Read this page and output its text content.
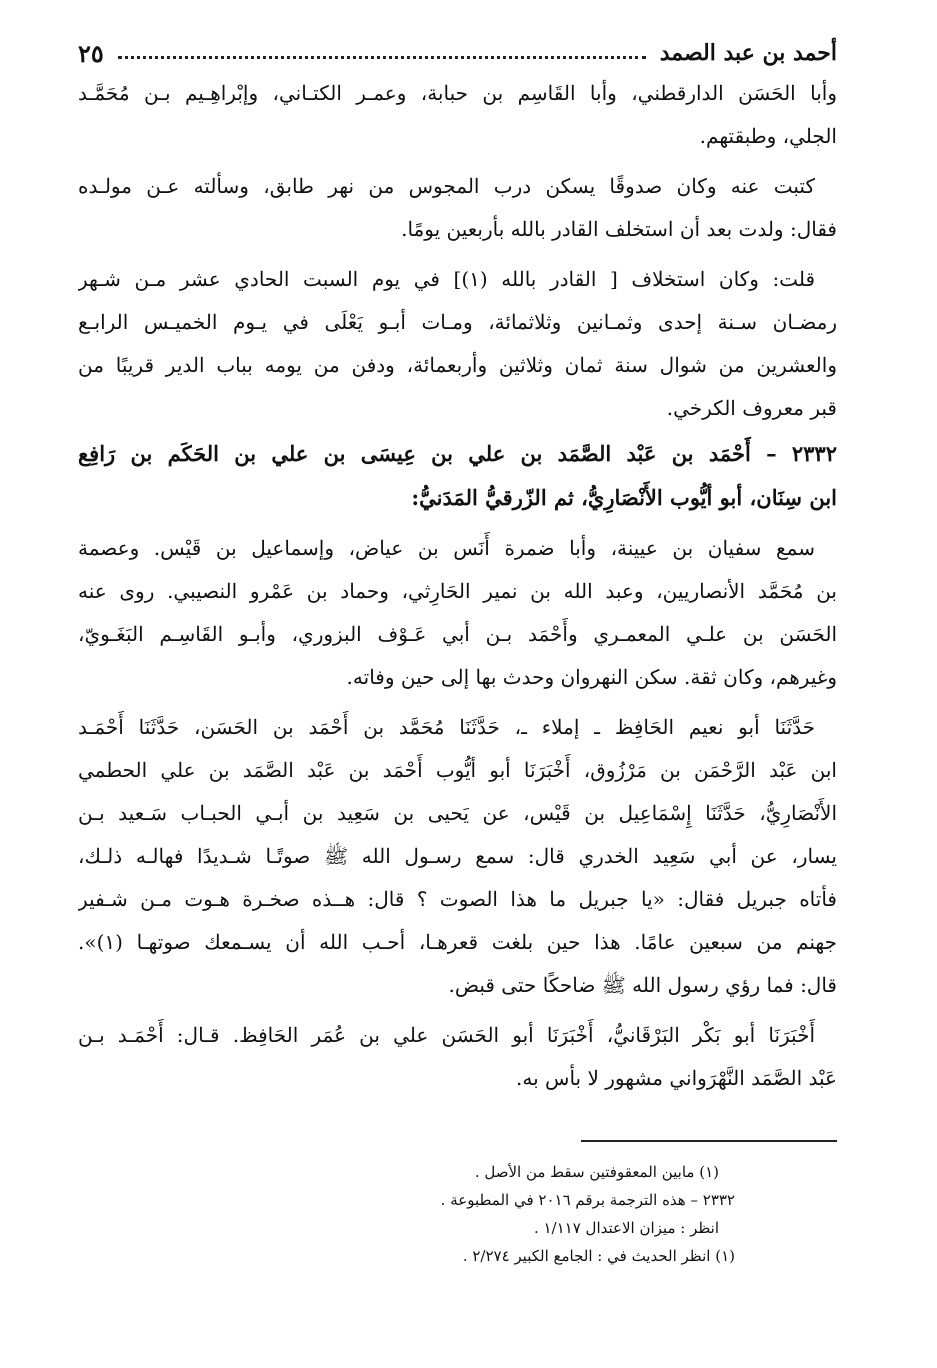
أحمد بن عبد الصمد
٢٥
وأبا الحَسَن الدارقطني، وأبا القَاسِم بن حبابة، وعمـر الكتـاني، وإبْراهِـيم بـن مُحَمَّـد
الجلي، وطبقتهم.
كتبت عنه وكان صدوقًا يسكن درب المجوس من نهر طابق، وسألته عـن مولـده
فقال: ولدت بعد أن استخلف القادر بالله بأربعين يومًا.
قلت: وكان استخلاف [ القادر بالله (١)] في يوم السبت الحادي عشر مـن شـهر
رمضـان سـنة إحدى وثمـانين وثلاثمائة، ومـات أبـو يَعْلَى في يـوم الخميـس الرابـع
والعشرين من شوال سنة ثمان وثلاثين وأربعمائة، ودفن من يومه بباب الدير قريبًا من
قبر معروف الكرخي.
٢٣٣٢ – أَحْمَد بن عَبْد الصَّمَد بن علي بن عِيسَى بن علي بن الحَكَم بن رَافِع
ابن سِنَان، أبو أيُّوب الأَنْصَارِيُّ، ثم الزّرقيُّ المَدَنيُّ:
سمع سفيان بن عيينة، وأبا ضمرة أَنَس بن عياض، وإسماعيل بن قَيْس. وعصمة
بن مُحَمَّد الأنصاريين، وعبد الله بن نمير الحَارِثي، وحماد بن عَمْرو النصيبي. روى عنه
الحَسَن بن علـي المعمـري وأَحْمَد بـن أبي عَـوْف البزوري، وأبـو القَاسِـم البَغَـويّ،
وغيرهم، وكان ثقة. سكن النهروان وحدث بها إلى حين وفاته.
حَدَّثَنَا أبو نعيم الحَافِظ ـ إملاء ـ، حَدَّثَنَا مُحَمَّد بن أَحْمَد بن الحَسَن، حَدَّثَنَا أَحْمَـد
ابن عَبْد الرَّحْمَن بن مَرْزُوق، أَخْبَرَنَا أبو أيُّوب أَحْمَد بن عَبْد الصَّمَد بن علي الحطمي
الأَنْصَارِيُّ، حَدَّثَنَا إِسْمَاعِيل بن قَيْس، عن يَحيى بن سَعِيد بن أبـي الحبـاب سَـعيد بـن
يسار، عن أبي سَعِيد الخدري قال: سمع رسـول الله ﷺ صوتًـا شـديدًا فهالـه ذلـك،
فأتاه جبريل فقال: «يا جبريل ما هذا الصوت ؟ قال: هــذه صخـرة هـوت مـن شـفير
جهنم من سبعين عامًا. هذا حين بلغت قعرهـا، أحـب الله أن يسـمعك صوتهـا (١)».
قال: فما رؤي رسول الله ﷺ ضاحكًا حتى قبض.
أَخْبَرَنَا أبو بَكْر البَرْقَانيُّ، أَخْبَرَنَا أبو الحَسَن علي بن عُمَر الحَافِظ. قـال: أَحْمَـد بـن
عَبْد الصَّمَد النَّهْرَواني مشهور لا بأس به.
(١) مابين المعقوفتين سقط من الأصل .
٢٣٣٢ – هذه الترجمة برقم ٢٠١٦ في المطبوعة .
انظر : ميزان الاعتدال ١/١١٧ .
(١) انظر الحديث في : الجامع الكبير ٢/٢٧٤ .
